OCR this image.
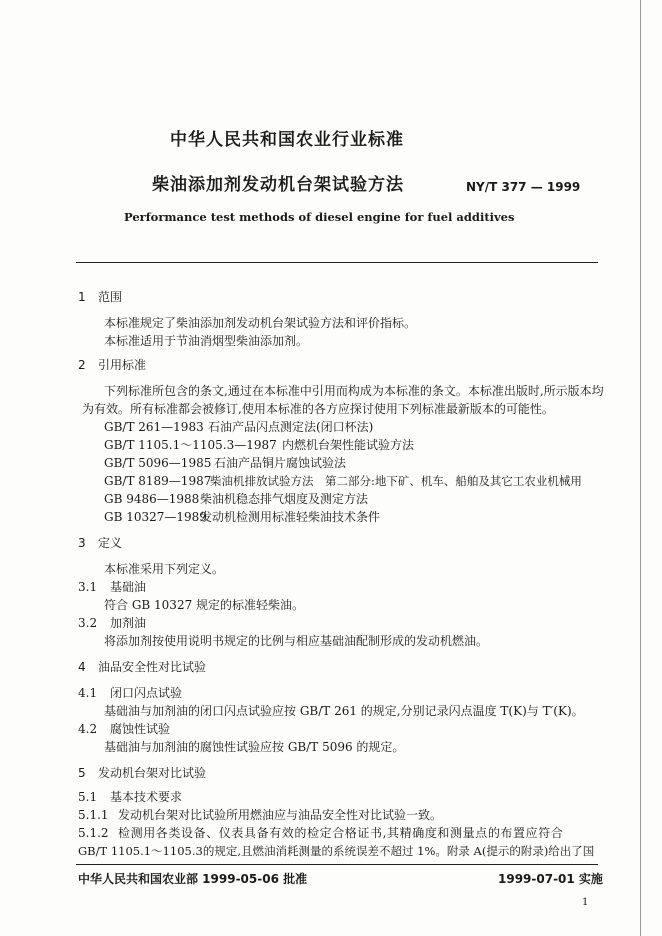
中华人民共和国农业行业标准
柴油添加剂发动机台架试验方法	NY/T 377 — 1999
Performance test methods of diesel engine for fuel additives
1 范围
本标准规定了柴油添加剂发动机台架试验方法和评价指标。
本标准适用于节油消烟型柴油添加剂。
2 引用标准
下列标准所包含的条文,通过在本标准中引用而构成为本标准的条文。本标准出版时,所示版本均
为有效。所有标准都会被修订,使用本标准的各方应探讨使用下列标准最新版本的可能性。
GB/T 261—1983 石油产品闪点测定法(闭口杯法)
GB/T 1105.1～1105.3—1987 内燃机台架性能试验方法
GB/T 5096—1985 石油产品铜片腐蚀试验法
GB/T 8189—1987
柴油机排放试验方法　第二部分:地下矿、机车、船舶及其它工农业机械用
GB 9486—1988 柴油机稳态排气烟度及测定方法
GB 10327—1989
发动机检测用标准轻柴油技术条件
3 定义
本标准采用下列定义。
3.1 基础油
符合 GB 10327 规定的标准轻柴油。
3.2 加剂油
将添加剂按使用说明书规定的比例与相应基础油配制形成的发动机燃油。
4 油品安全性对比试验
4.1 闭口闪点试验
基础油与加剂油的闭口闪点试验应按 GB/T 261 的规定,分别记录闪点温度 T(K)与 T′(K)。
4.2 腐蚀性试验
基础油与加剂油的腐蚀性试验应按 GB/T 5096 的规定。
5 发动机台架对比试验
5.1 基本技术要求
5.1.1 发动机台架对比试验所用燃油应与油品安全性对比试验一致。
5.1.2 检测用各类设备、仪表具备有效的检定合格证书,其精确度和测量点的布置应符合
GB/T 1105.1～1105.3的规定,且燃油消耗测量的系统误差不超过 1%。附录 A(提示的附录)给出了国
中华人民共和国农业部 1999-05-06 批准	1999-07-01 实施
1
